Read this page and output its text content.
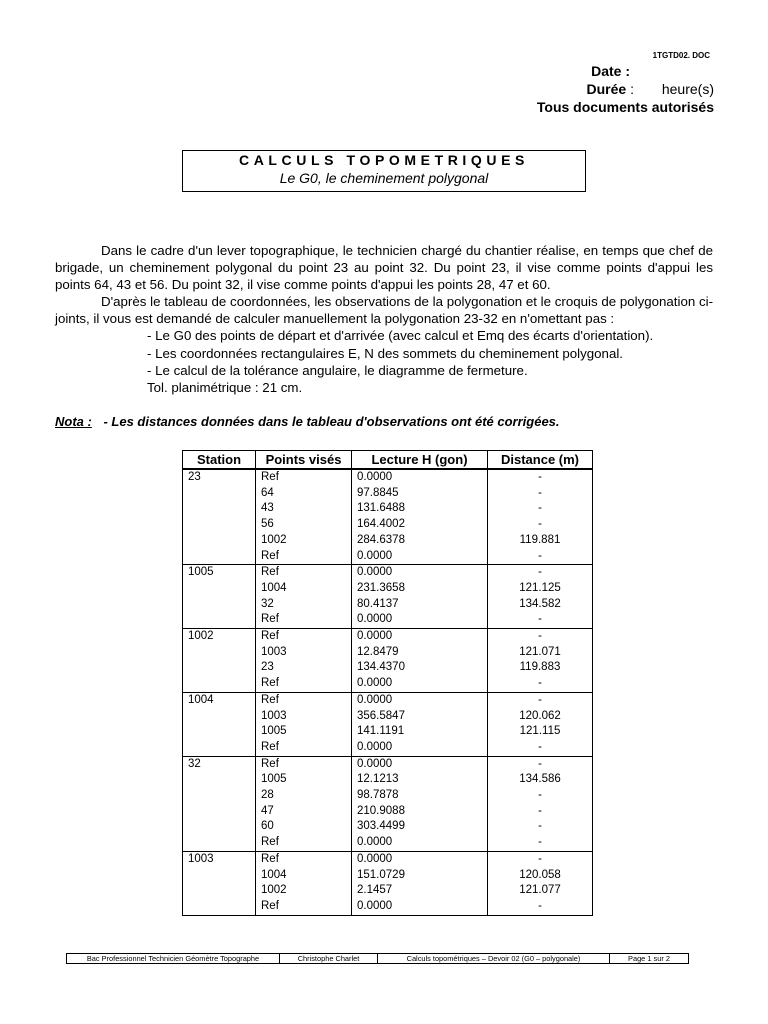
1TGTD02. DOC
Date :
Durée : heure(s)
Tous documents autorisés
CALCULS TOPOMETRIQUES
Le G0, le cheminement polygonal

Dans le cadre d'un lever topographique, le technicien chargé du chantier réalise, en temps que chef de brigade, un cheminement polygonal du point 23 au point 32. Du point 23, il vise comme points d'appui les points 64, 43 et 56. Du point 32, il vise comme points d'appui les points 28, 47 et 60.

D'après le tableau de coordonnées, les observations de la polygonation et le croquis de polygonation ci-joints, il vous est demandé de calculer manuellement la polygonation 23-32 en n'omettant pas :

- Le G0 des points de départ et d'arrivée (avec calcul et Emq des écarts d'orientation).
- Les coordonnées rectangulaires E, N des sommets du cheminement polygonal.
- Le calcul de la tolérance angulaire, le diagramme de fermeture.
Tol. planimétrique : 21 cm.
Nota : - Les distances données dans le tableau d'observations ont été corrigées.
Station	Points visés	Lecture H (gon)	Distance (m)
23	Ref	0.0000	-
	64	97.8845	-
	43	131.6488	-
	56	164.4002	-
	1002	284.6378	119.881
	Ref	0.0000	-
1005	Ref	0.0000	-
	1004	231.3658	121.125
	32	80.4137	134.582
	Ref	0.0000	-
1002	Ref	0.0000	-
	1003	12.8479	121.071
	23	134.4370	119.883
	Ref	0.0000	-
1004	Ref	0.0000	-
	1003	356.5847	120.062
	1005	141.1191	121.115
	Ref	0.0000	-
32	Ref	0.0000	-
	1005	12.1213	134.586
	28	98.7878	-
	47	210.9088	-
	60	303.4499	-
	Ref	0.0000	-
1003	Ref	0.0000	-
	1004	151.0729	120.058
	1002	2.1457	121.077
	Ref	0.0000	-
Bac Professionnel Technicien Géomètre Topographe	Christophe Charlet	Calculs topométriques – Devoir 02 (G0 – polygonale)	Page 1 sur 2
